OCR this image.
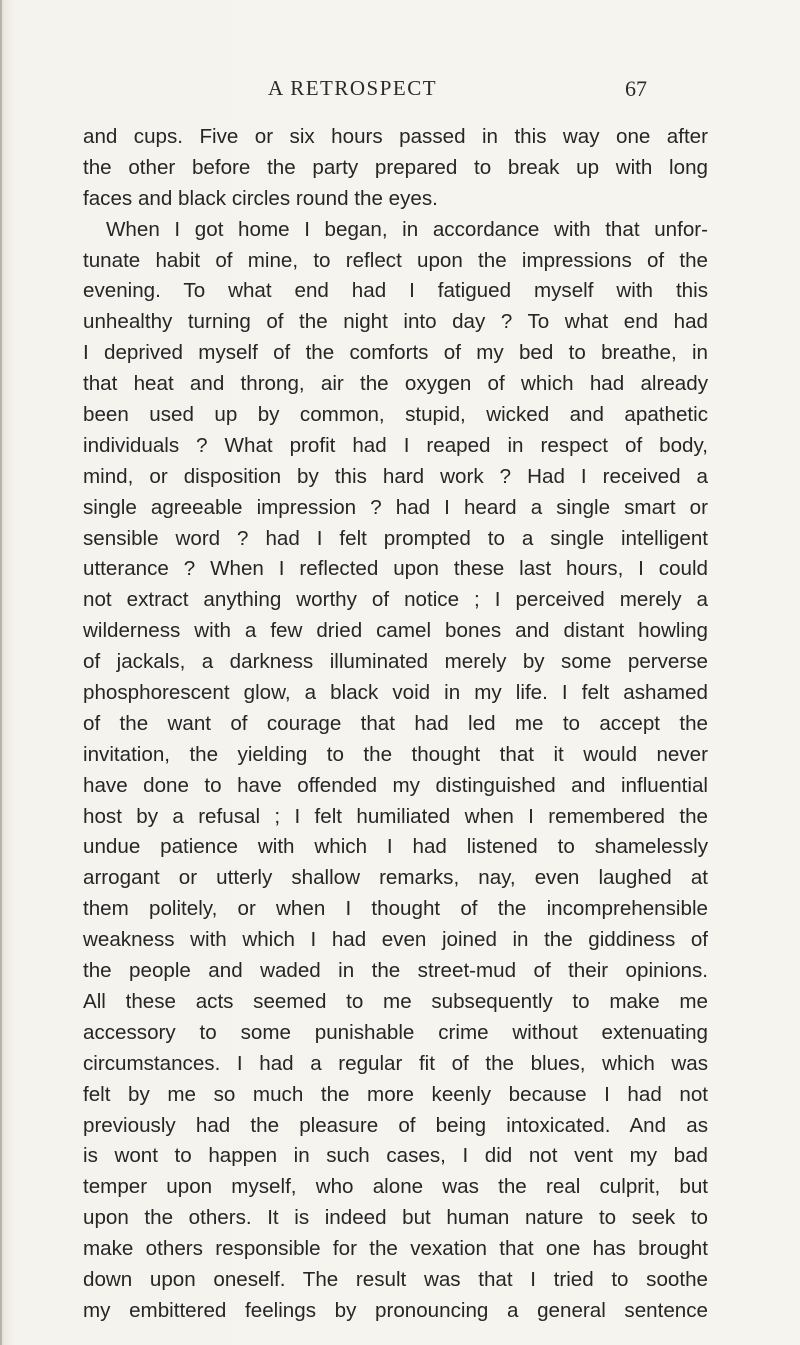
A RETROSPECT	67
and cups. Five or six hours passed in this way one after
the other before the party prepared to break up with long
faces and black circles round the eyes.
When I got home I began, in accordance with that unfor-
tunate habit of mine, to reflect upon the impressions of the
evening. To what end had I fatigued myself with this
unhealthy turning of the night into day ? To what end had
I deprived myself of the comforts of my bed to breathe, in
that heat and throng, air the oxygen of which had already
been used up by common, stupid, wicked and apathetic
individuals ? What profit had I reaped in respect of body,
mind, or disposition by this hard work ? Had I received a
single agreeable impression ? had I heard a single smart or
sensible word ? had I felt prompted to a single intelligent
utterance ? When I reflected upon these last hours, I could
not extract anything worthy of notice ; I perceived merely a
wilderness with a few dried camel bones and distant howling
of jackals, a darkness illuminated merely by some perverse
phosphorescent glow, a black void in my life. I felt ashamed
of the want of courage that had led me to accept the
invitation, the yielding to the thought that it would never
have done to have offended my distinguished and influential
host by a refusal ; I felt humiliated when I remembered the
undue patience with which I had listened to shamelessly
arrogant or utterly shallow remarks, nay, even laughed at
them politely, or when I thought of the incomprehensible
weakness with which I had even joined in the giddiness of
the people and waded in the street-mud of their opinions.
All these acts seemed to me subsequently to make me
accessory to some punishable crime without extenuating
circumstances. I had a regular fit of the blues, which was
felt by me so much the more keenly because I had not
previously had the pleasure of being intoxicated. And as
is wont to happen in such cases, I did not vent my bad
temper upon myself, who alone was the real culprit, but
upon the others. It is indeed but human nature to seek to
make others responsible for the vexation that one has brought
down upon oneself. The result was that I tried to soothe
my embittered feelings by pronouncing a general sentence
